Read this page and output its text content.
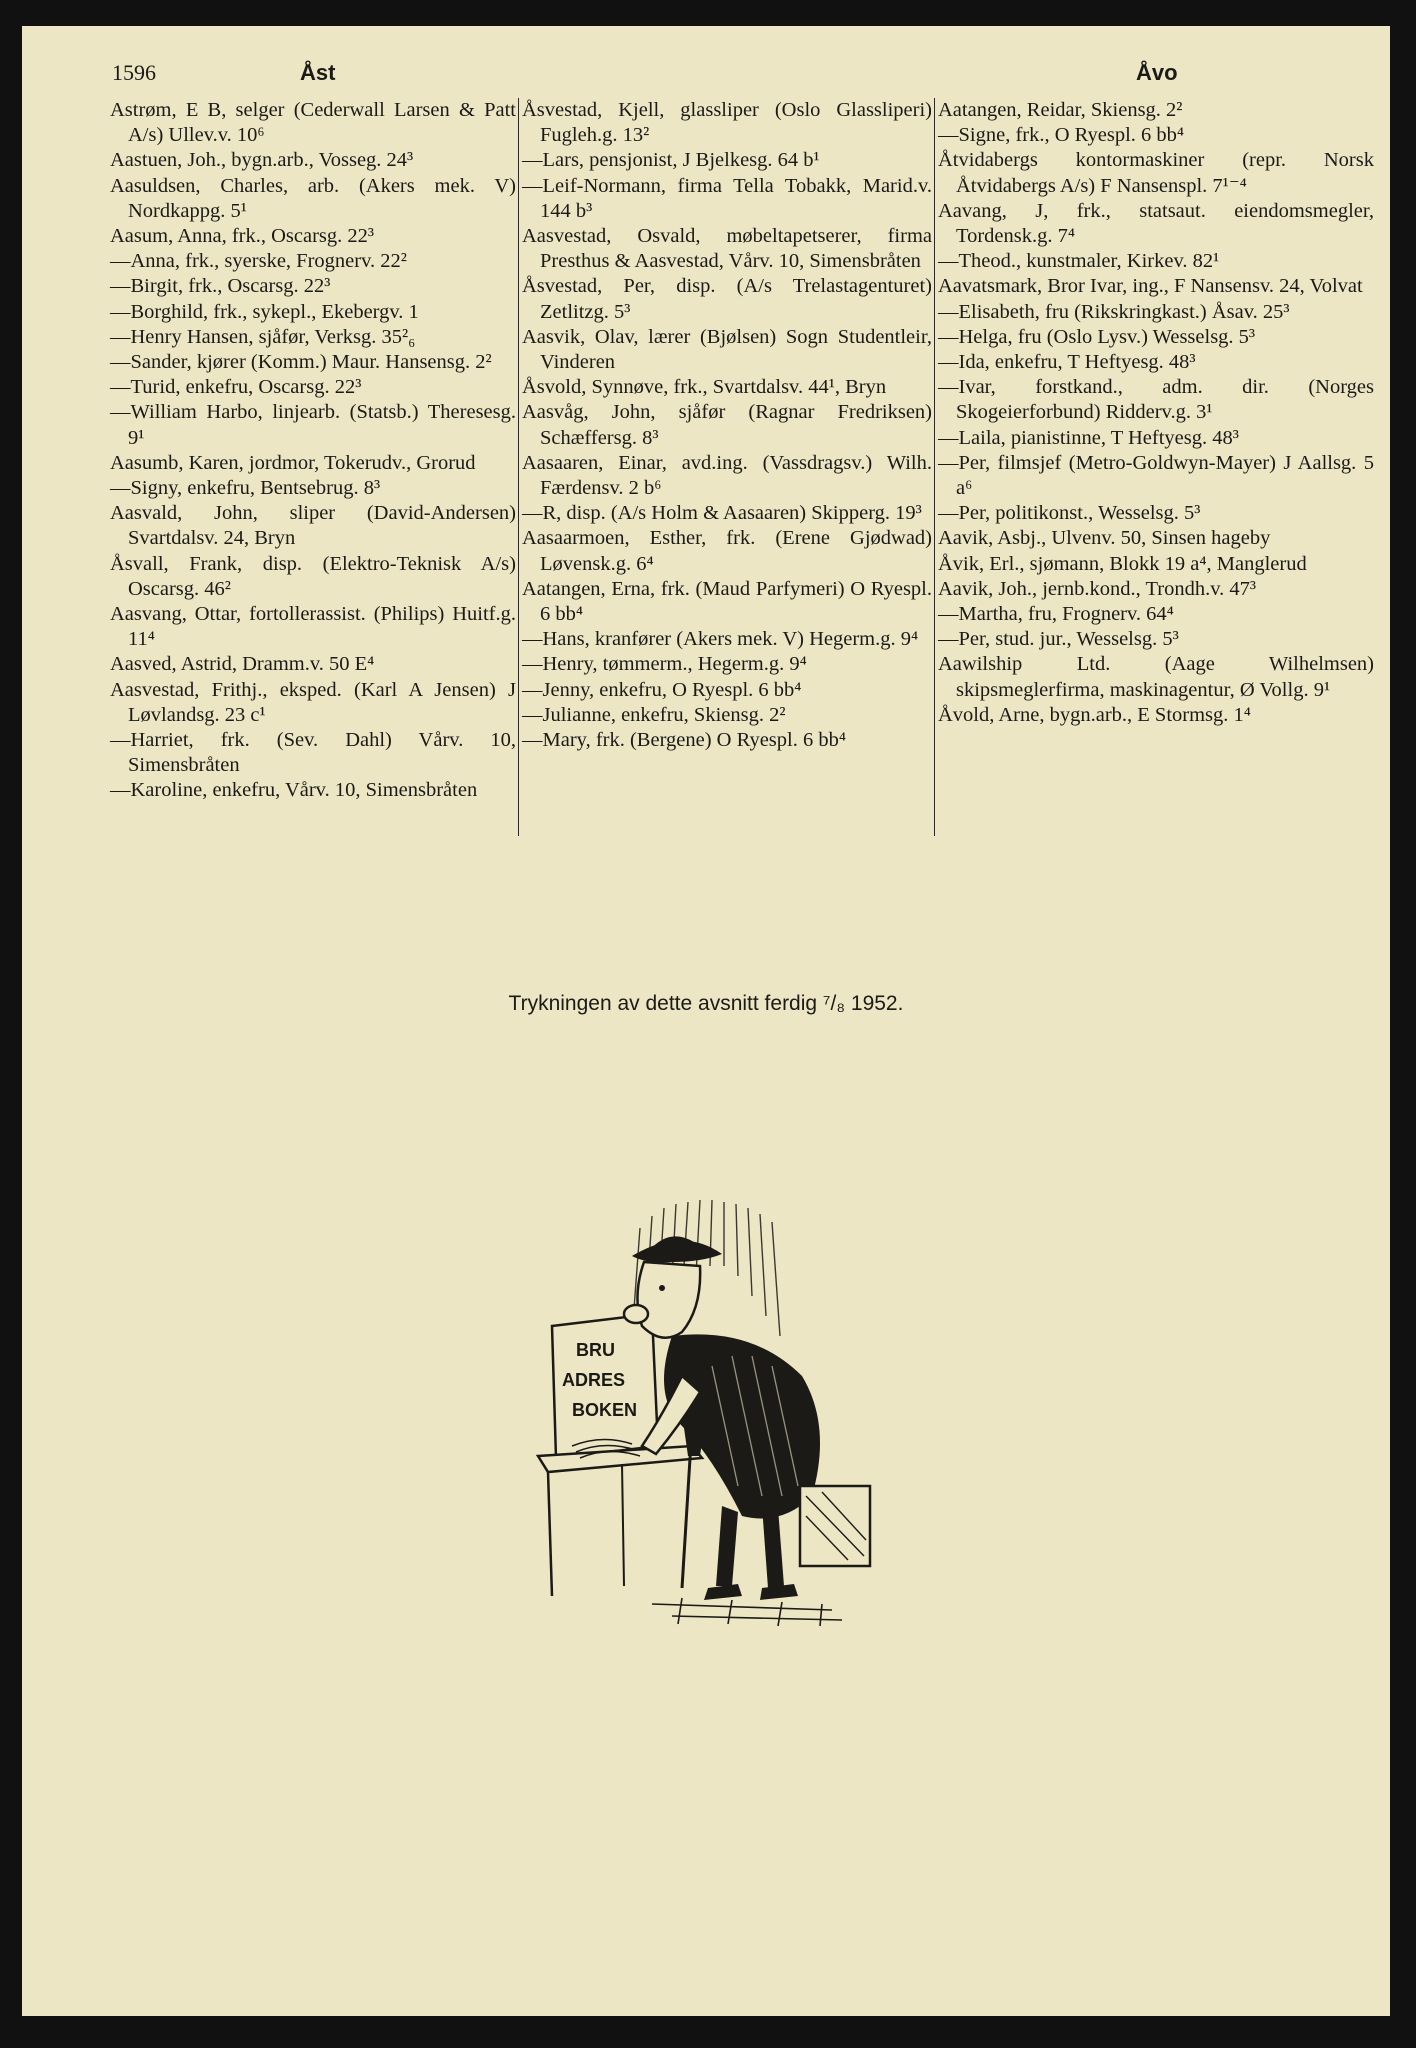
1596	Åst	Åvo

Astrøm, E B, selger (Cederwall Larsen & Patt A/s) Ullev.v. 10⁶

Aastuen, Joh., bygn.arb., Vosseg. 24³

Aasuldsen, Charles, arb. (Akers mek. V) Nordkappg. 5¹

Aasum, Anna, frk., Oscarsg. 22³

—Anna, frk., syerske, Frognerv. 22²

—Birgit, frk., Oscarsg. 22³

—Borghild, frk., sykepl., Ekebergv. 1

—Henry Hansen, sjåfør, Verksg. 35²₆

—Sander, kjører (Komm.) Maur. Hansensg. 2²

—Turid, enkefru, Oscarsg. 22³

—William Harbo, linjearb. (Statsb.) Theresesg. 9¹

Aasumb, Karen, jordmor, Tokerudv., Grorud

—Signy, enkefru, Bentsebrug. 8³

Aasvald, John, sliper (David-Andersen) Svartdalsv. 24, Bryn

Åsvall, Frank, disp. (Elektro-Teknisk A/s) Oscarsg. 46²

Aasvang, Ottar, fortollerassist. (Philips) Huitf.g. 11⁴

Aasved, Astrid, Dramm.v. 50 E⁴

Aasvestad, Frithj., eksped. (Karl A Jensen) J Løvlandsg. 23 c¹

—Harriet, frk. (Sev. Dahl) Vårv. 10, Simensbråten

—Karoline, enkefru, Vårv. 10, Simensbråten

Åsvestad, Kjell, glassliper (Oslo Glassliperi) Fugleh.g. 13²

—Lars, pensjonist, J Bjelkesg. 64 b¹

—Leif-Normann, firma Tella Tobakk, Marid.v. 144 b³

Aasvestad, Osvald, møbeltapetserer, firma Presthus & Aasvestad, Vårv. 10, Simensbråten

Åsvestad, Per, disp. (A/s Trelastagenturet) Zetlitzg. 5³

Aasvik, Olav, lærer (Bjølsen) Sogn Studentleir, Vinderen

Åsvold, Synnøve, frk., Svartdalsv. 44¹, Bryn

Aasvåg, John, sjåfør (Ragnar Fredriksen) Schæffersg. 8³

Aasaaren, Einar, avd.ing. (Vassdragsv.) Wilh. Færdensv. 2 b⁶

—R, disp. (A/s Holm & Aasaaren) Skipperg. 19³

Aasaarmoen, Esther, frk. (Erene Gjødwad) Løvensk.g. 6⁴

Aatangen, Erna, frk. (Maud Parfymeri) O Ryespl. 6 bb⁴

—Hans, kranfører (Akers mek. V) Hegerm.g. 9⁴

—Henry, tømmerm., Hegerm.g. 9⁴

—Jenny, enkefru, O Ryespl. 6 bb⁴

—Julianne, enkefru, Skiensg. 2²

—Mary, frk. (Bergene) O Ryespl. 6 bb⁴

Aatangen, Reidar, Skiensg. 2²

—Signe, frk., O Ryespl. 6 bb⁴

Åtvidabergs kontormaskiner (repr. Norsk Åtvidabergs A/s) F Nansenspl. 7¹⁻⁴

Aavang, J, frk., statsaut. eiendomsmegler, Tordensk.g. 7⁴

—Theod., kunstmaler, Kirkev. 82¹

Aavatsmark, Bror Ivar, ing., F Nansensv. 24, Volvat

—Elisabeth, fru (Rikskringkast.) Åsav. 25³

—Helga, fru (Oslo Lysv.) Wesselsg. 5³

—Ida, enkefru, T Heftyesg. 48³

—Ivar, forstkand., adm. dir. (Norges Skogeierforbund) Ridderv.g. 3¹

—Laila, pianistinne, T Heftyesg. 48³

—Per, filmsjef (Metro-Goldwyn-Mayer) J Aallsg. 5 a⁶

—Per, politikonst., Wesselsg. 5³

Aavik, Asbj., Ulvenv. 50, Sinsen hageby

Åvik, Erl., sjømann, Blokk 19 a⁴, Manglerud

Aavik, Joh., jernb.kond., Trondh.v. 47³

—Martha, fru, Frognerv. 64⁴

—Per, stud. jur., Wesselsg. 5³

Aawilship Ltd. (Aage Wilhelmsen) skipsmeglerfirma, maskinagentur, Ø Vollg. 9¹

Åvold, Arne, bygn.arb., E Stormsg. 1⁴

Trykningen av dette avsnitt ferdig ⁷/₈ 1952.
BRU
ADRES
BOKEN
